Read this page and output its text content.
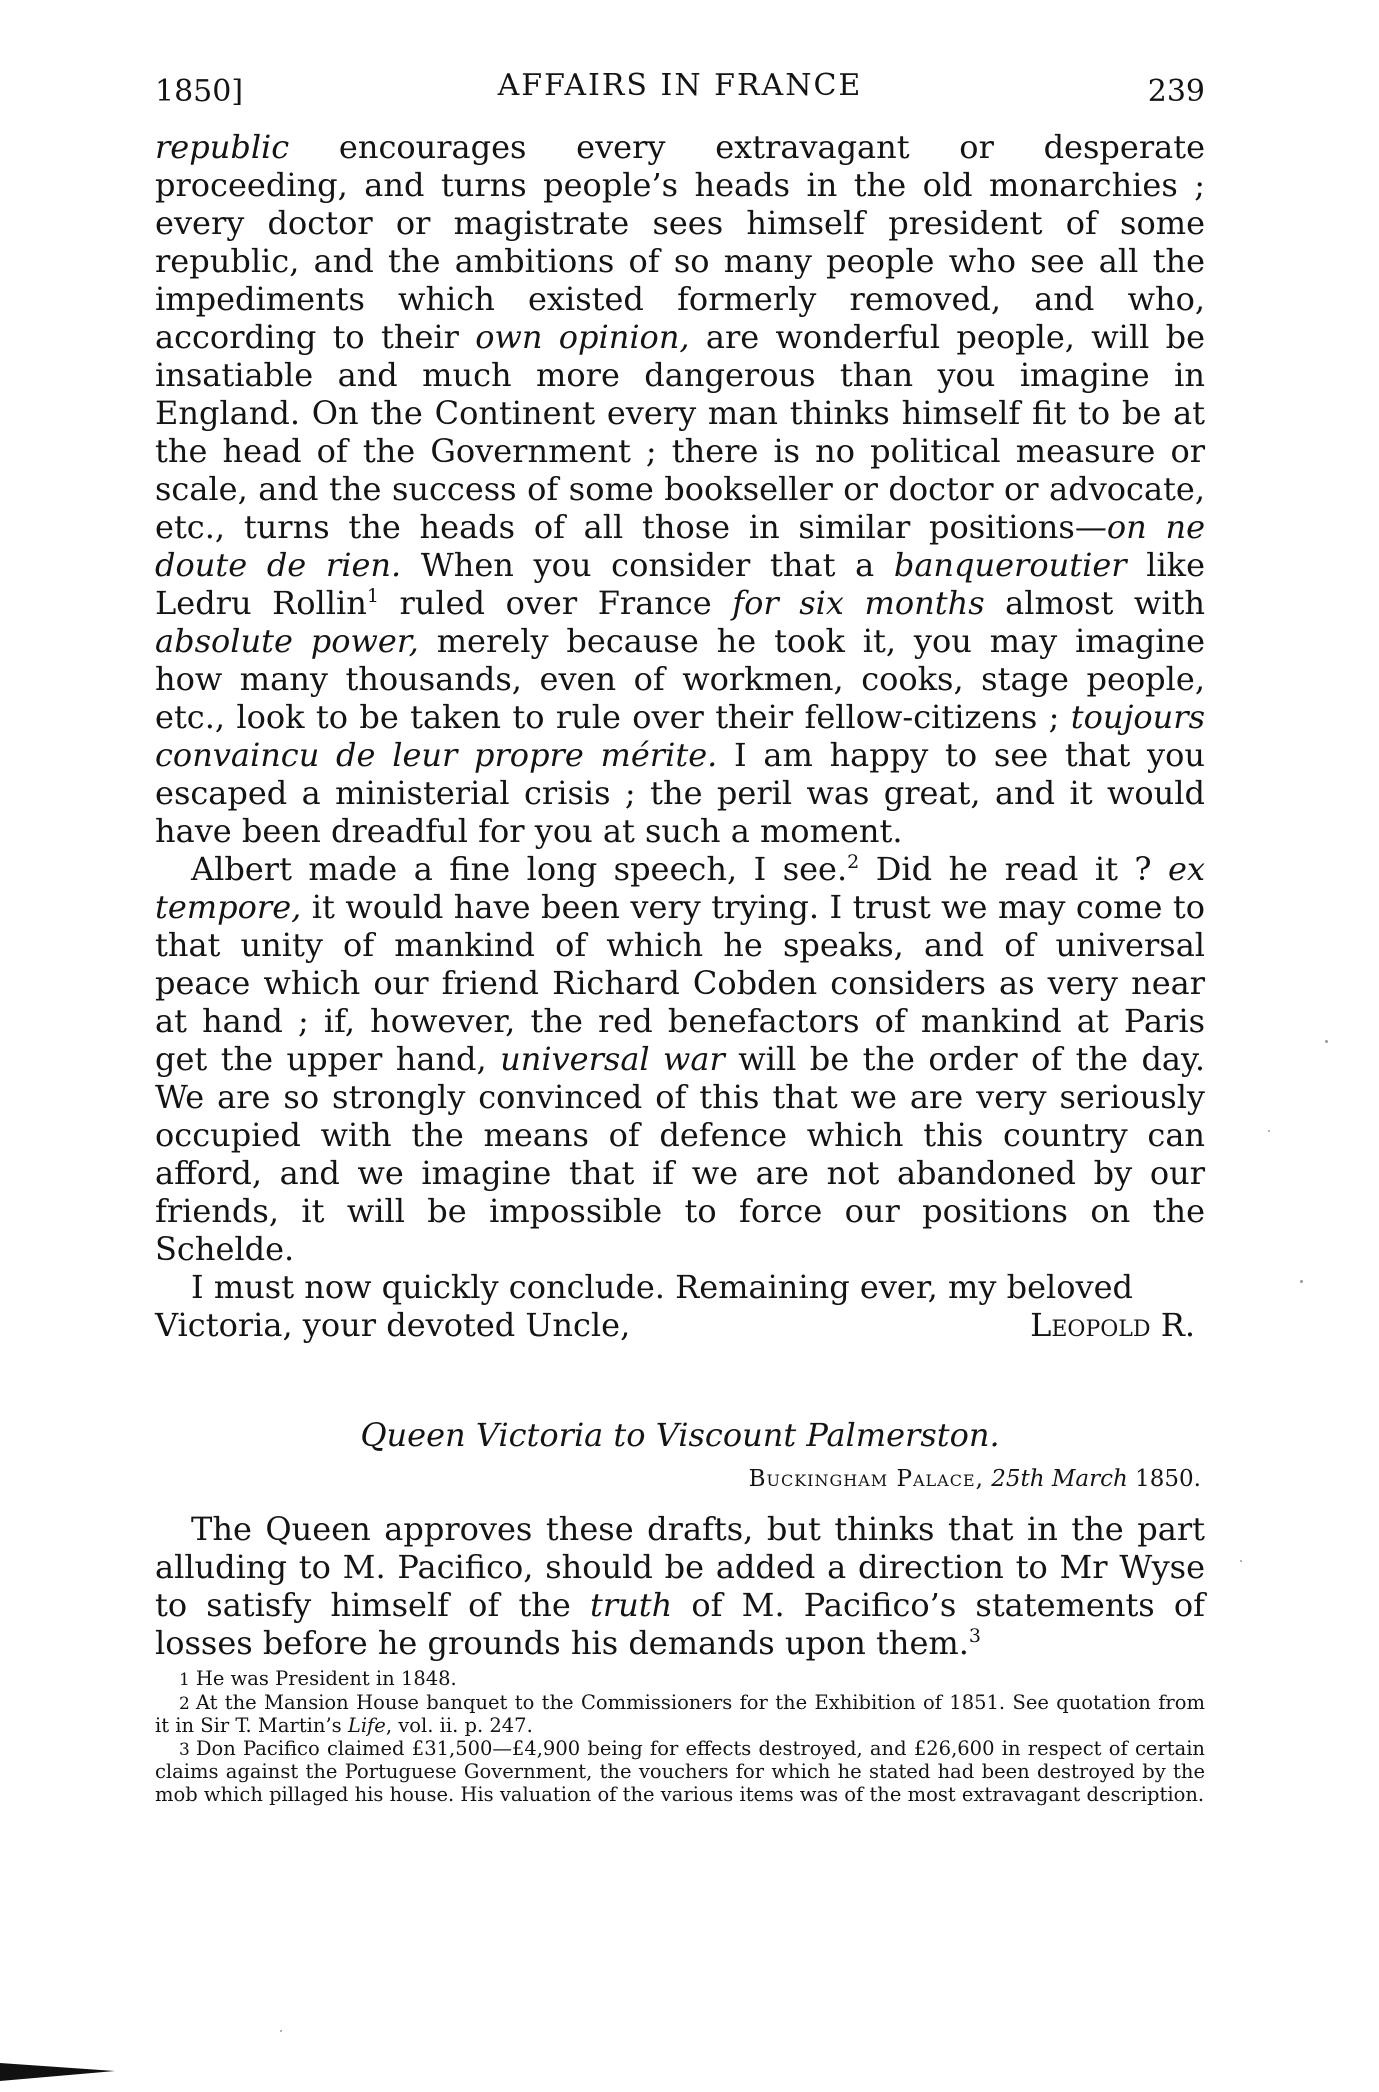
1850]	AFFAIRS IN FRANCE	239

republic encourages every extravagant or desperate proceeding, and turns people’s heads in the old monarchies ; every doctor or magistrate sees himself president of some republic, and the ambitions of so many people who see all the impediments which existed formerly removed, and who, according to their own opinion, are wonderful people, will be insatiable and much more dangerous than you imagine in England. On the Continent every man thinks himself fit to be at the head of the Government ; there is no political measure or scale, and the success of some bookseller or doctor or advocate, etc., turns the heads of all those in similar positions—on ne doute de rien. When you consider that a banqueroutier like Ledru Rollin$^1$ ruled over France for six months almost with absolute power, merely because he took it, you may imagine how many thousands, even of workmen, cooks, stage people, etc., look to be taken to rule over their fellow-citizens ; toujours convaincu de leur propre mérite. I am happy to see that you escaped a ministerial crisis ; the peril was great, and it would have been dreadful for you at such a moment.

Albert made a fine long speech, I see.$^2$ Did he read it ? ex tempore, it would have been very trying. I trust we may come to that unity of mankind of which he speaks, and of universal peace which our friend Richard Cobden considers as very near at hand ; if, however, the red benefactors of mankind at Paris get the upper hand, universal war will be the order of the day. We are so strongly convinced of this that we are very seriously occupied with the means of defence which this country can afford, and we imagine that if we are not abandoned by our friends, it will be impossible to force our positions on the Schelde.

I must now quickly conclude. Remaining ever, my beloved

Victoria, your devoted Uncle,	Leopold R.
Queen Victoria to Viscount Palmerston.
Buckingham Palace, 25th March 1850.

The Queen approves these drafts, but thinks that in the part alluding to M. Pacifico, should be added a direction to Mr Wyse to satisfy himself of the truth of M. Pacifico’s statements of losses before he grounds his demands upon them.$^3$

1 He was President in 1848.

2 At the Mansion House banquet to the Commissioners for the Exhibition of 1851. See quotation from it in Sir T. Martin’s Life, vol. ii. p. 247.

3 Don Pacifico claimed £31,500—£4,900 being for effects destroyed, and £26,600 in respect of certain claims against the Portuguese Government, the vouchers for which he stated had been destroyed by the mob which pillaged his house. His valuation of the various items was of the most extravagant description.
